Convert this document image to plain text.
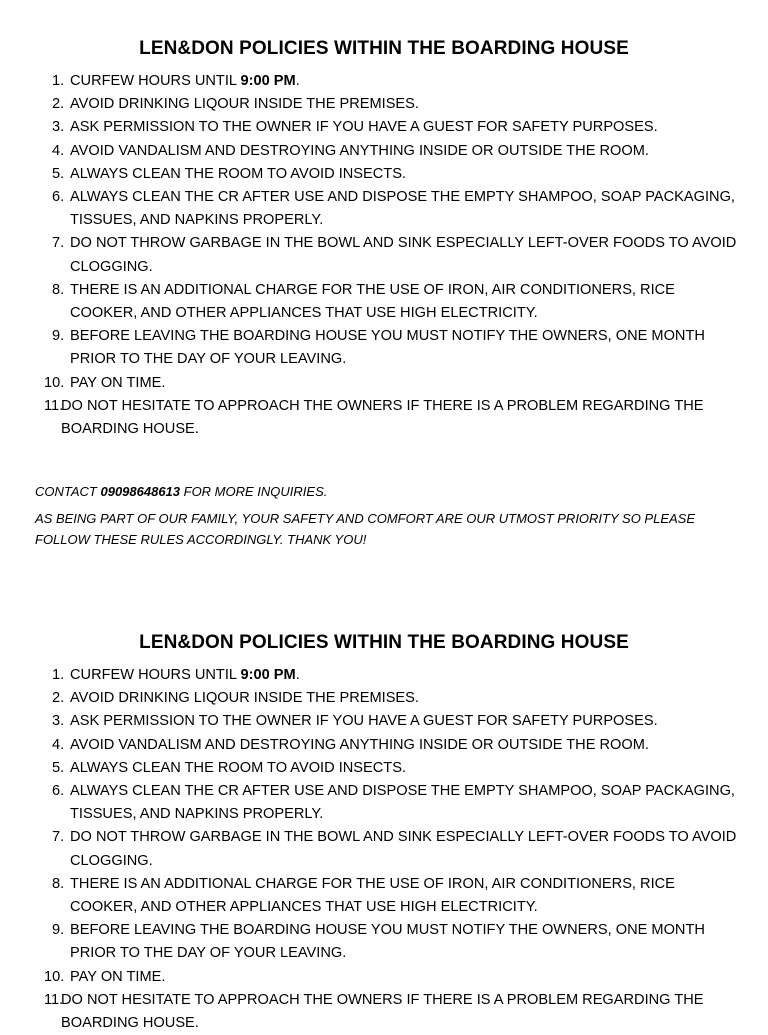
LEN&DON POLICIES WITHIN THE BOARDING HOUSE
1. CURFEW HOURS UNTIL 9:00 PM.
2. AVOID DRINKING LIQOUR INSIDE THE PREMISES.
3. ASK PERMISSION TO THE OWNER IF YOU HAVE A GUEST FOR SAFETY PURPOSES.
4. AVOID VANDALISM AND DESTROYING ANYTHING INSIDE OR OUTSIDE THE ROOM.
5. ALWAYS CLEAN THE ROOM TO AVOID INSECTS.
6. ALWAYS CLEAN THE CR AFTER USE AND DISPOSE THE EMPTY SHAMPOO, SOAP PACKAGING, TISSUES, AND NAPKINS PROPERLY.
7. DO NOT THROW GARBAGE IN THE BOWL AND SINK ESPECIALLY LEFT-OVER FOODS TO AVOID CLOGGING.
8. THERE IS AN ADDITIONAL CHARGE FOR THE USE OF IRON, AIR CONDITIONERS, RICE COOKER, AND OTHER APPLIANCES THAT USE HIGH ELECTRICITY.
9. BEFORE LEAVING THE BOARDING HOUSE YOU MUST NOTIFY THE OWNERS, ONE MONTH PRIOR TO THE DAY OF YOUR LEAVING.
10. PAY ON TIME.
11.
DO NOT HESITATE TO APPROACH THE OWNERS IF THERE IS A PROBLEM REGARDING THE BOARDING HOUSE.
CONTACT 09098648613 FOR MORE INQUIRIES.
AS BEING PART OF OUR FAMILY, YOUR SAFETY AND COMFORT ARE OUR UTMOST PRIORITY SO PLEASE FOLLOW THESE RULES ACCORDINGLY. THANK YOU!
LEN&DON POLICIES WITHIN THE BOARDING HOUSE
1. CURFEW HOURS UNTIL 9:00 PM.
2. AVOID DRINKING LIQOUR INSIDE THE PREMISES.
3. ASK PERMISSION TO THE OWNER IF YOU HAVE A GUEST FOR SAFETY PURPOSES.
4. AVOID VANDALISM AND DESTROYING ANYTHING INSIDE OR OUTSIDE THE ROOM.
5. ALWAYS CLEAN THE ROOM TO AVOID INSECTS.
6. ALWAYS CLEAN THE CR AFTER USE AND DISPOSE THE EMPTY SHAMPOO, SOAP PACKAGING, TISSUES, AND NAPKINS PROPERLY.
7. DO NOT THROW GARBAGE IN THE BOWL AND SINK ESPECIALLY LEFT-OVER FOODS TO AVOID CLOGGING.
8. THERE IS AN ADDITIONAL CHARGE FOR THE USE OF IRON, AIR CONDITIONERS, RICE COOKER, AND OTHER APPLIANCES THAT USE HIGH ELECTRICITY.
9. BEFORE LEAVING THE BOARDING HOUSE YOU MUST NOTIFY THE OWNERS, ONE MONTH PRIOR TO THE DAY OF YOUR LEAVING.
10. PAY ON TIME.
11.
DO NOT HESITATE TO APPROACH THE OWNERS IF THERE IS A PROBLEM REGARDING THE BOARDING HOUSE.
